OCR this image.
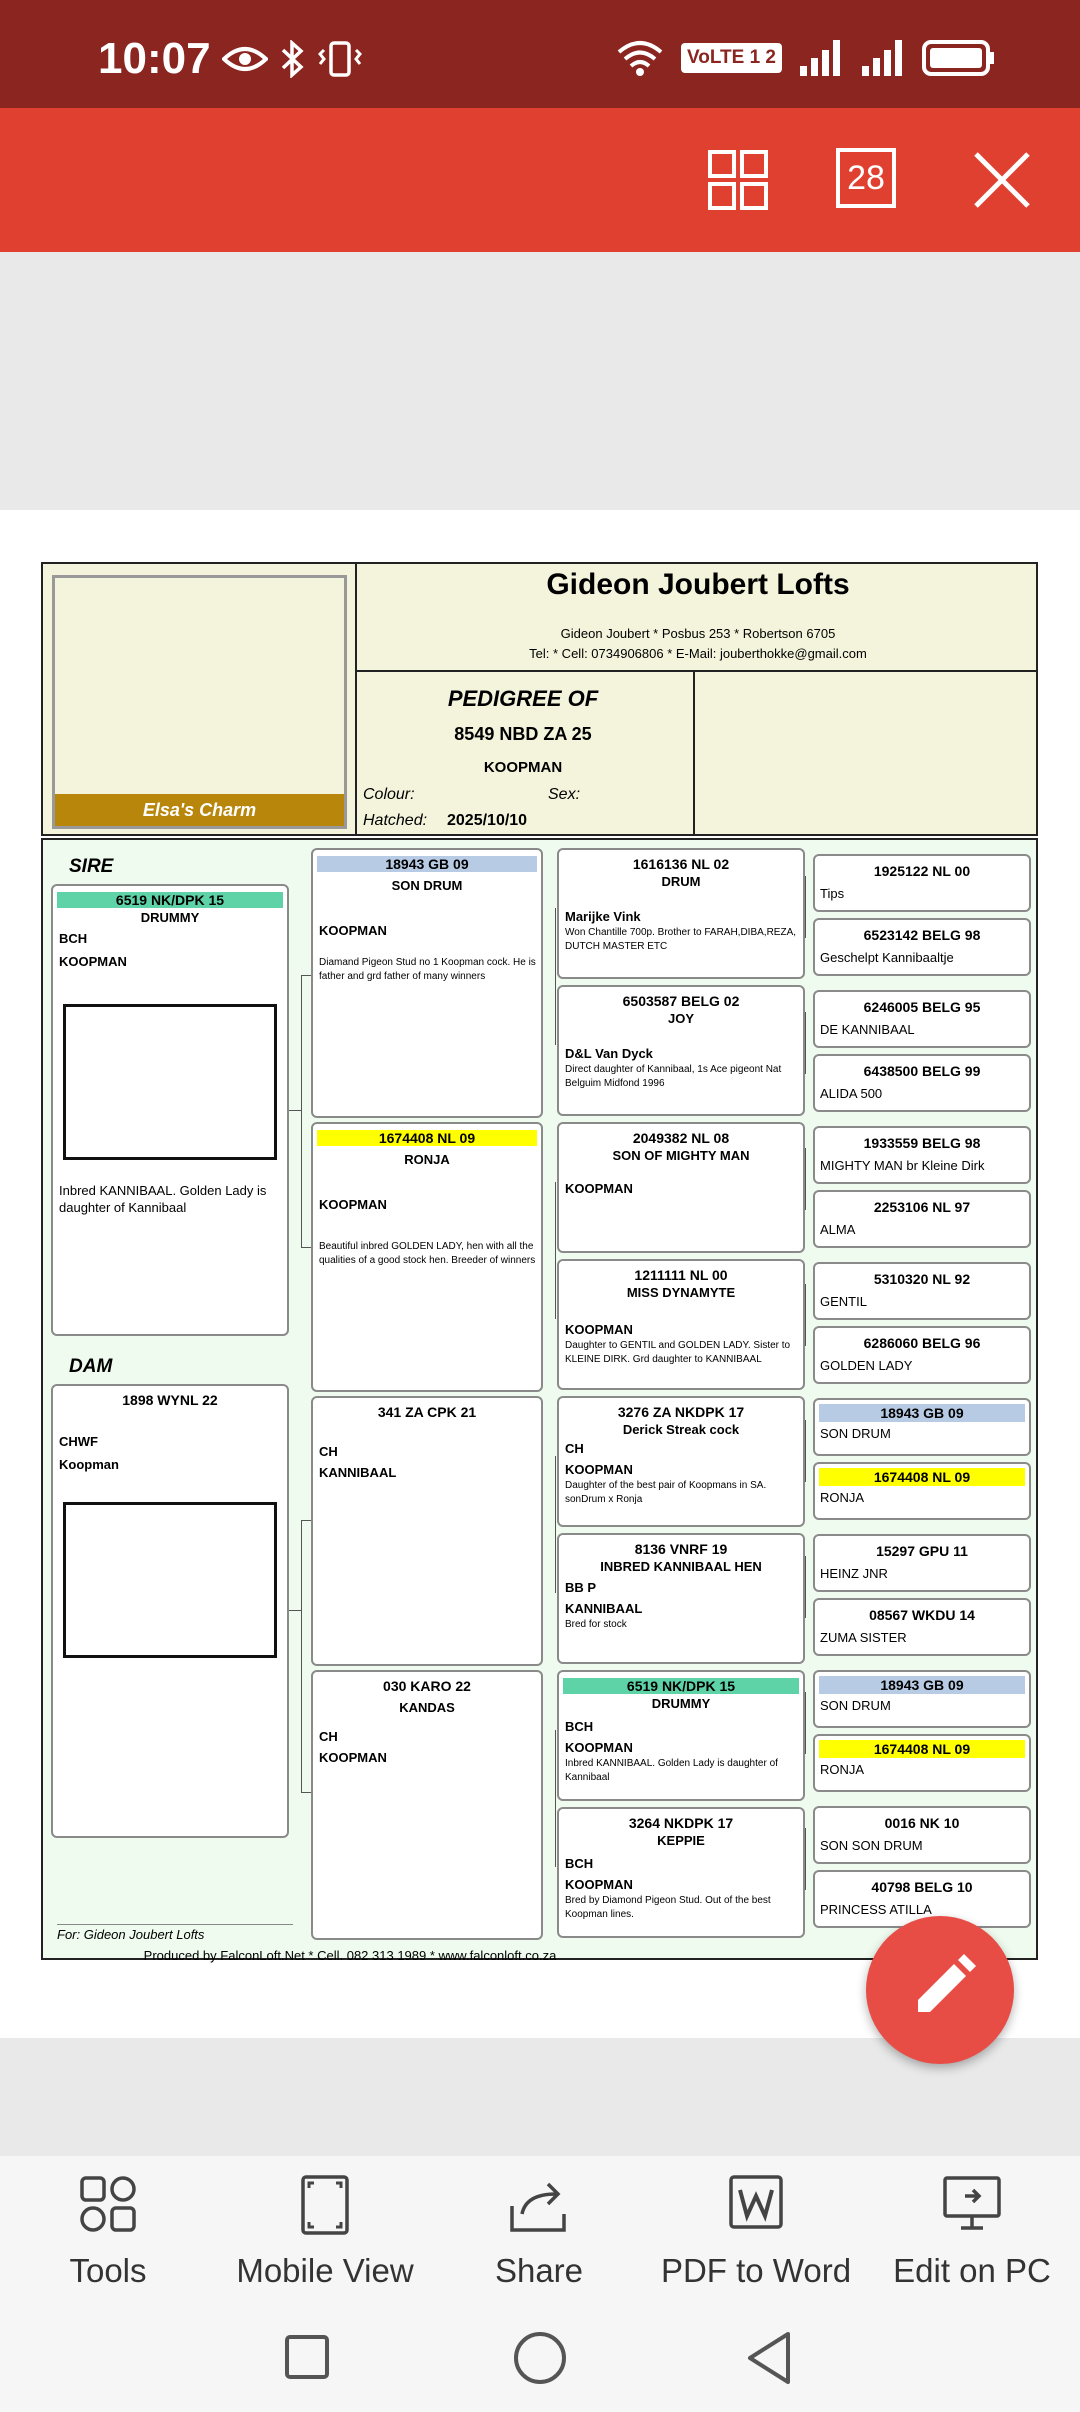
10:07	VoLTE 1 2
28
Elsa's Charm
Gideon Joubert Lofts
Gideon Joubert * Posbus 253 * Robertson 6705
Tel: * Cell: 0734906806 * E-Mail: jouberthokke@gmail.com
PEDIGREE OF
8549 NBD ZA 25
KOOPMAN
Colour:	Sex:
Hatched: 2025/10/10
SIRE
6519 NK/DPK 15
DRUMMY
BCH
KOOPMAN
Inbred KANNIBAAL. Golden Lady is daughter of Kannibaal
DAM
1898 WYNL 22
CHWF
Koopman
For: Gideon Joubert Lofts
18943 GB 09
SON DRUM
KOOPMAN
Diamand Pigeon Stud no 1 Koopman cock. He is father and grd father of many winners
1674408 NL 09
RONJA
KOOPMAN
Beautiful inbred GOLDEN LADY, hen with all the qualities of a good stock hen. Breeder of winners
341 ZA CPK 21
CH
KANNIBAAL
030 KARO 22
KANDAS
CH
KOOPMAN
1616136 NL 02
DRUM
Marijke Vink
Won Chantille 700p. Brother to FARAH,DIBA,REZA, DUTCH MASTER ETC
6503587 BELG 02
JOY
D&L Van Dyck
Direct daughter of Kannibaal, 1s Ace pigeont Nat Belguim Midfond 1996
2049382 NL 08
SON OF MIGHTY MAN
KOOPMAN
1211111 NL 00
MISS DYNAMYTE
KOOPMAN
Daughter to GENTIL and GOLDEN LADY. Sister to KLEINE DIRK. Grd daughter to KANNIBAAL
3276 ZA NKDPK 17
Derick Streak cock
CH
KOOPMAN
Daughter of the best pair of Koopmans in SA. sonDrum x Ronja
8136 VNRF 19
INBRED KANNIBAAL HEN
BB P
KANNIBAAL
Bred for stock
6519 NK/DPK 15
DRUMMY
BCH
KOOPMAN
Inbred KANNIBAAL. Golden Lady is daughter of Kannibaal
3264 NKDPK 17
KEPPIE
BCH
KOOPMAN
Bred by Diamond Pigeon Stud. Out of the best Koopman lines.
1925122 NL 00
Tips
6523142 BELG 98
Geschelpt Kannibaaltje
6246005 BELG 95
DE KANNIBAAL
6438500 BELG 99
ALIDA 500
1933559 BELG 98
MIGHTY MAN br Kleine Dirk
2253106 NL 97
ALMA
5310320 NL 92
GENTIL
6286060 BELG 96
GOLDEN LADY
18943 GB 09
SON DRUM
1674408 NL 09
RONJA
15297 GPU 11
HEINZ JNR
08567 WKDU 14
ZUMA SISTER
18943 GB 09
SON DRUM
1674408 NL 09
RONJA
0016 NK 10
SON SON DRUM
40798 BELG 10
PRINCESS ATILLA
Produced by FalconLoft.Net * Cell. 082 313 1989 * www.falconloft.co.za
Tools	Mobile View	Share	PDF to Word Edit on PC
